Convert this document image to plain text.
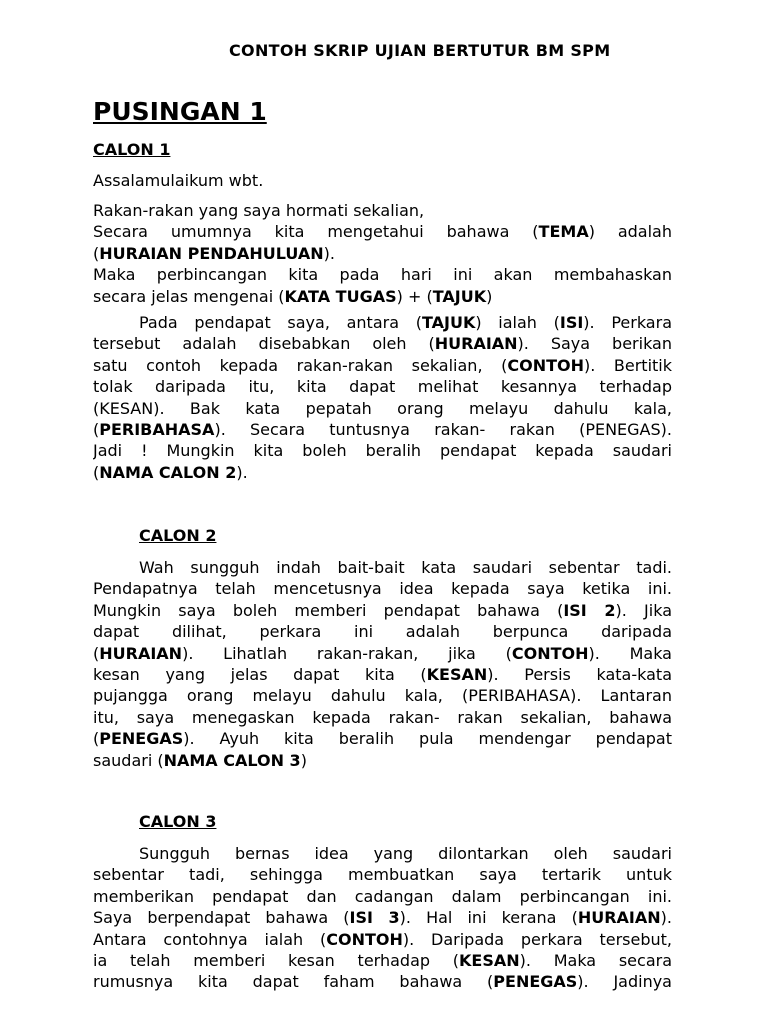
CONTOH SKRIP UJIAN BERTUTUR BM SPM
PUSINGAN 1
CALON 1
Assalamulaikum wbt.
Rakan-rakan yang saya hormati sekalian,
Secara umumnya kita mengetahui bahawa (TEMA) adalah
(HURAIAN PENDAHULUAN).
Maka perbincangan kita pada hari ini akan membahaskan
secara jelas mengenai (KATA TUGAS) + (TAJUK)
Pada pendapat saya, antara (TAJUK) ialah (ISI). Perkara
tersebut adalah disebabkan oleh (HURAIAN). Saya berikan
satu contoh kepada rakan-rakan sekalian, (CONTOH). Bertitik
tolak daripada itu, kita dapat melihat kesannya terhadap
(KESAN). Bak kata pepatah orang melayu dahulu kala,
(PERIBAHASA). Secara tuntusnya rakan- rakan (PENEGAS).
Jadi ! Mungkin kita boleh beralih pendapat kepada saudari
(NAMA CALON 2).
CALON 2
Wah sungguh indah bait-bait kata saudari sebentar tadi.
Pendapatnya telah mencetusnya idea kepada saya ketika ini.
Mungkin saya boleh memberi pendapat bahawa (ISI 2). Jika
dapat dilihat, perkara ini adalah berpunca daripada
(HURAIAN). Lihatlah rakan-rakan, jika (CONTOH). Maka
kesan yang jelas dapat kita (KESAN). Persis kata-kata
pujangga orang melayu dahulu kala, (PERIBAHASA). Lantaran
itu, saya menegaskan kepada rakan- rakan sekalian, bahawa
(PENEGAS). Ayuh kita beralih pula mendengar pendapat
saudari (NAMA CALON 3)
CALON 3
Sungguh bernas idea yang dilontarkan oleh saudari
sebentar tadi, sehingga membuatkan saya tertarik untuk
memberikan pendapat dan cadangan dalam perbincangan ini.
Saya berpendapat bahawa (ISI 3). Hal ini kerana (HURAIAN).
Antara contohnya ialah (CONTOH). Daripada perkara tersebut,
ia telah memberi kesan terhadap (KESAN). Maka secara
rumusnya kita dapat faham bahawa (PENEGAS). Jadinya
